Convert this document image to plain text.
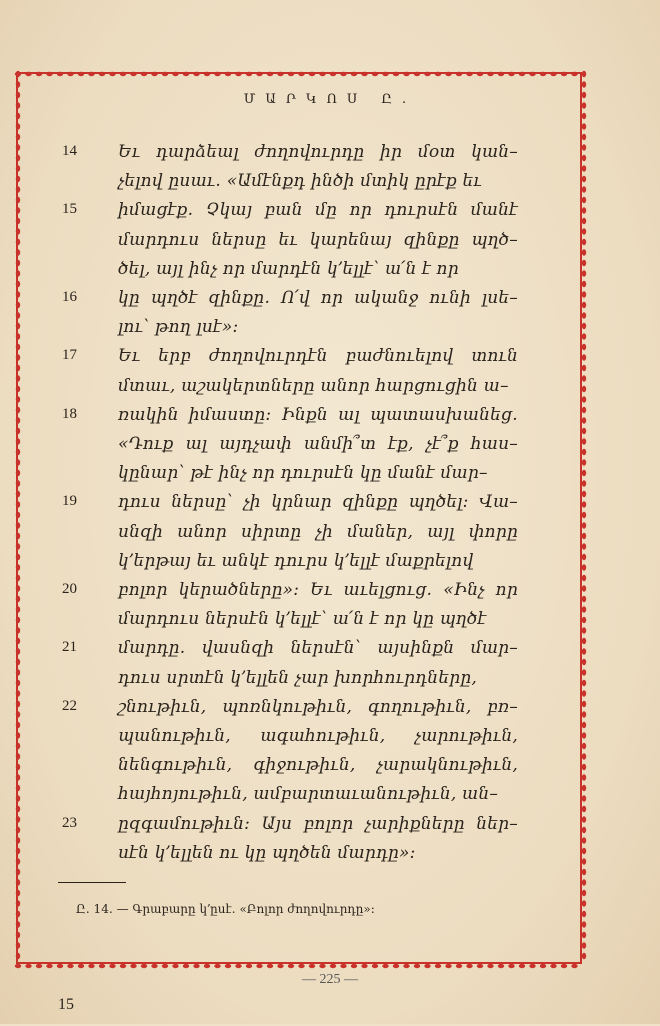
ՄԱՐԿՈՍ Ը․
14	Եւ դարձեալ ժողովուրդը իր մօտ կան–
չելով ըսաւ․ «Ամէնքդ ինծի մտիկ ըրէք եւ
15	իմացէք․ Չկայ բան մը որ դուրսէն մանէ
մարդուս ներսը եւ կարենայ զինքը պղծ–
ծել, այլ ինչ որ մարդէն կ՚ելլէ՝ ա՛ն է որ
16	կը պղծէ զինքը․ Ո՛վ որ ականջ ունի լսե–
լու՝ թող լսէ»։
17	Եւ երբ ժողովուրդէն բաժնուելով տուն
մտաւ, աշակերտները անոր հարցուցին ա–
18	ռակին իմաստը։ Ինքն ալ պատասխանեց․
«Դուք ալ այդչափ անմի՞տ էք, չէ՞ք հաս–
կընար՝ թէ ինչ որ դուրսէն կը մանէ մար–
19	դուս ներսը՝ չի կրնար զինքը պղծել։ Վա–
սնզի անոր սիրտը չի մաներ, այլ փորը
կ՚երթայ եւ անկէ դուրս կ՚ելլէ մաքրելով
20	բոլոր կերածները»։ Եւ աւելցուց․ «Ինչ որ
մարդուս ներսէն կ՚ելլէ՝ ա՛ն է որ կը պղծէ
21	մարդը․ վասնզի ներսէն՝ այսինքն մար–
դուս սրտէն կ՚ելլեն չար խորհուրդները,
22	շնութիւն, պոռնկութիւն, գողութիւն, բռ–
պանութիւն, ագահութիւն, չարութիւն,
նենգութիւն, գիջութիւն, չարակնութիւն,
հայհոյութիւն, ամբարտաւանութիւն, ան–
23	ըզգամութիւն։ Այս բոլոր չարիքները ներ–
սէն կ՚ելլեն ու կը պղծեն մարդը»։
Ը․ 14․ — Գրաբարը կ՚ըսէ․ «Բոլոր ժողովուրդը»։
— 225 —
15
